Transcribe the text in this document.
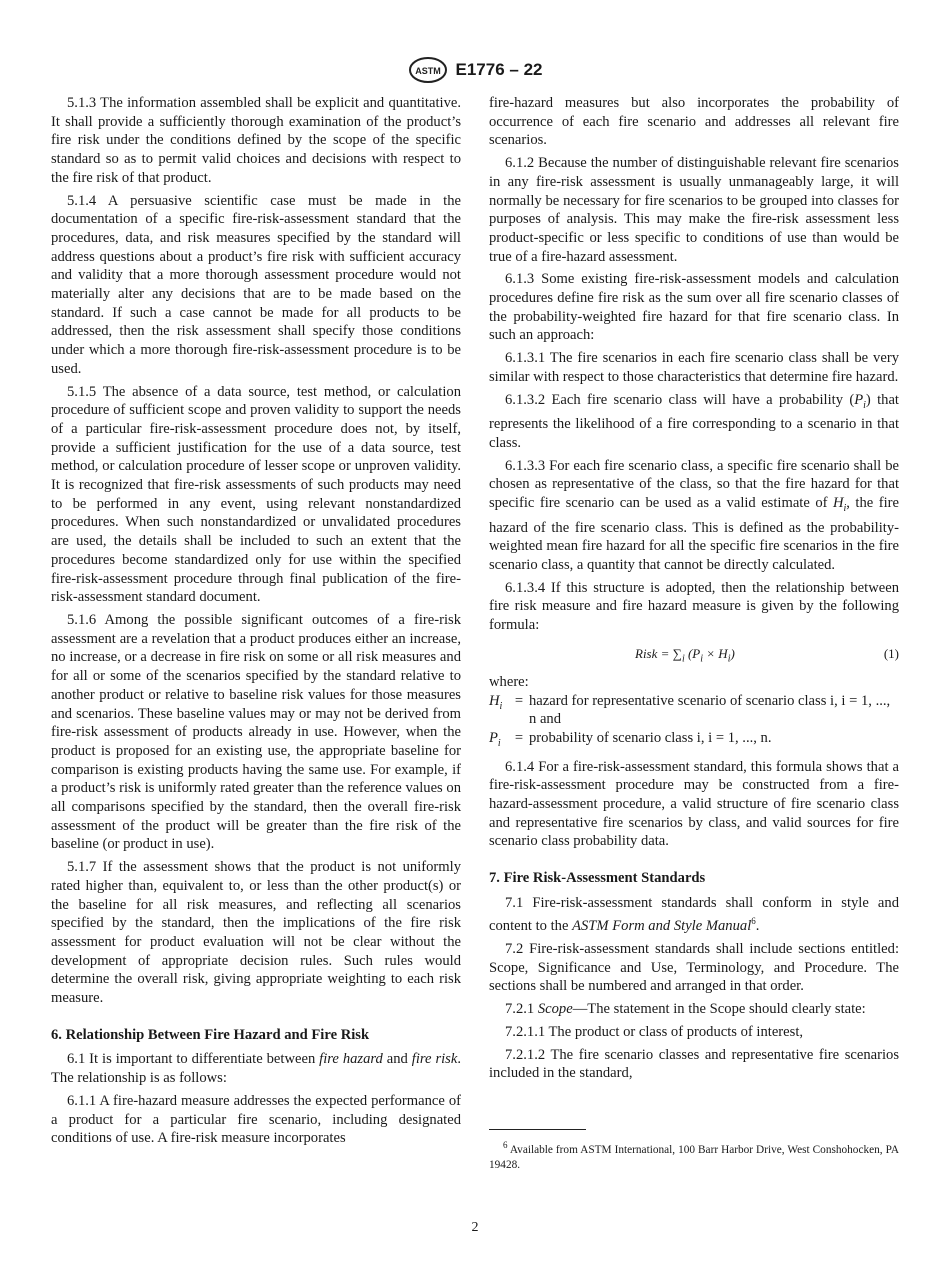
ASTM E1776 – 22

5.1.3 The information assembled shall be explicit and quantitative. It shall provide a sufficiently thorough examination of the product’s fire risk under the conditions defined by the scope of the specific standard so as to permit valid choices and decisions with respect to the fire risk of that product.

5.1.4 A persuasive scientific case must be made in the documentation of a specific fire-risk-assessment standard that the procedures, data, and risk measures specified by the standard will address questions about a product’s fire risk with sufficient accuracy and validity that a more thorough assessment procedure would not materially alter any decisions that are to be made based on the standard. If such a case cannot be made for all products to be addressed, then the risk assessment shall specify those conditions under which a more thorough fire-risk-assessment procedure is to be used.

5.1.5 The absence of a data source, test method, or calculation procedure of sufficient scope and proven validity to support the needs of a particular fire-risk-assessment procedure does not, by itself, provide a sufficient justification for the use of a data source, test method, or calculation procedure of lesser scope or unproven validity. It is recognized that fire-risk assessments of such products may need to be performed in any event, using relevant nonstandardized procedures. When such nonstandardized or unvalidated procedures are used, the details shall be included to such an extent that the procedures become standardized only for use within the specified fire-risk-assessment procedure through final publication of the fire-risk-assessment standard document.

5.1.6 Among the possible significant outcomes of a fire-risk assessment are a revelation that a product produces either an increase, no increase, or a decrease in fire risk on some or all risk measures and for all or some of the scenarios specified by the standard relative to another product or relative to baseline risk values for those measures and scenarios. These baseline values may or may not be derived from fire-risk assessment of products already in use. However, when the product is proposed for an existing use, the appropriate baseline for comparison is existing products having the same use. For example, if a product’s risk is uniformly rated greater than the reference values on all comparisons specified by the standard, then the overall fire-risk assessment of the product will be greater than the fire risk of the baseline (or product in use).

5.1.7 If the assessment shows that the product is not uniformly rated higher than, equivalent to, or less than the other product(s) or the baseline for all risk measures, and reflecting all scenarios specified by the standard, then the implications of the fire risk assessment for product evaluation will not be clear without the development of appropriate decision rules. Such rules would determine the overall risk, giving appropriate weighting to each risk measure.

6. Relationship Between Fire Hazard and Fire Risk

6.1 It is important to differentiate between fire hazard and fire risk. The relationship is as follows:

6.1.1 A fire-hazard measure addresses the expected performance of a product for a particular fire scenario, including designated conditions of use. A fire-risk measure incorporates

fire-hazard measures but also incorporates the probability of occurrence of each fire scenario and addresses all relevant fire scenarios.

6.1.2 Because the number of distinguishable relevant fire scenarios in any fire-risk assessment is usually unmanageably large, it will normally be necessary for fire scenarios to be grouped into classes for purposes of analysis. This may make the fire-risk assessment less product-specific or less specific to conditions of use than would be true of a fire-hazard assessment.

6.1.3 Some existing fire-risk-assessment models and calculation procedures define fire risk as the sum over all fire scenario classes of the probability-weighted fire hazard for that fire scenario class. In such an approach:

6.1.3.1 The fire scenarios in each fire scenario class shall be very similar with respect to those characteristics that determine fire hazard.

6.1.3.2 Each fire scenario class will have a probability $(P_i)$ that represents the likelihood of a fire corresponding to a scenario in that class.

6.1.3.3 For each fire scenario class, a specific fire scenario shall be chosen as representative of the class, so that the fire hazard for that specific fire scenario can be used as a valid estimate of $H_i$, the fire hazard of the fire scenario class. This is defined as the probability-weighted mean fire hazard for all the specific fire scenarios in the fire scenario class, a quantity that cannot be directly calculated.

6.1.3.4 If this structure is adopted, then the relationship between fire risk measure and fire hazard measure is given by the following formula:

Risk = $\sum_i$ $(P_i \times H_i)$	(1)

where:

$H_i$ = hazard for representative scenario of scenario class i, i = 1, ..., n and
$P_i$ = probability of scenario class i, i = 1, ..., n.

6.1.4 For a fire-risk-assessment standard, this formula shows that a fire-risk-assessment procedure may be constructed from a fire-hazard-assessment procedure, a valid structure of fire scenario class and representative fire scenarios by class, and valid sources for fire scenario class probability data.

7. Fire Risk-Assessment Standards

7.1 Fire-risk-assessment standards shall conform in style and content to the ASTM Form and Style Manual$^6$.

7.2 Fire-risk-assessment standards shall include sections entitled: Scope, Significance and Use, Terminology, and Procedure. The sections shall be numbered and arranged in that order.

7.2.1 Scope—The statement in the Scope should clearly state:

7.2.1.1 The product or class of products of interest,

7.2.1.2 The fire scenario classes and representative fire scenarios included in the standard,

$^6$ Available from ASTM International, 100 Barr Harbor Drive, West Conshohocken, PA 19428.

2
